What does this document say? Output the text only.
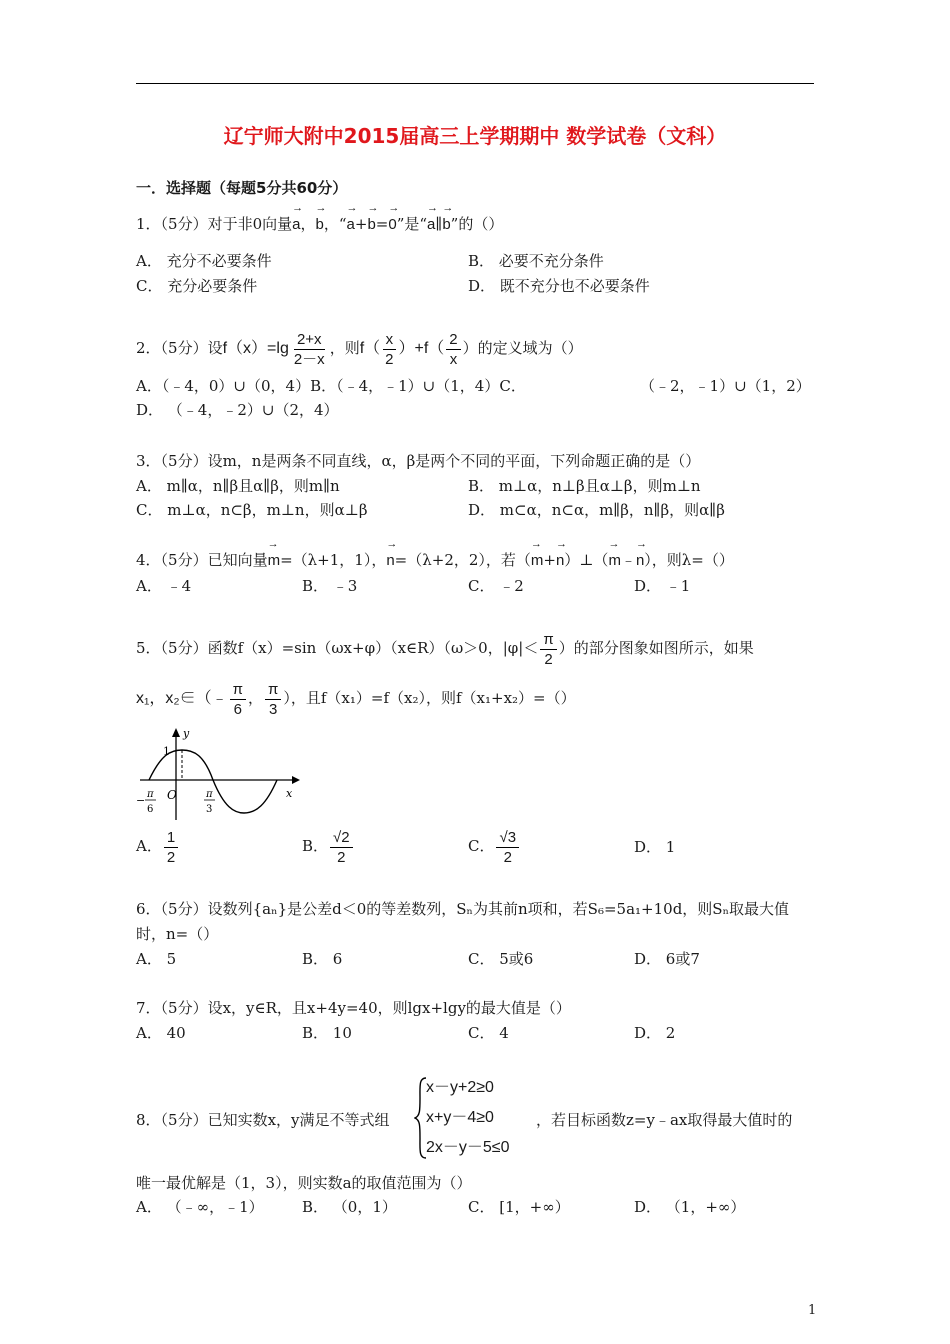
辽宁师大附中2015届高三上学期期中 数学试卷（文科）
一．选择题（每题5分共60分）
1．（5分）对于非0向量→ a，→ b，“→ a+→ b=→ 0”是“→ a∥→ b”的（）
A． 充分不必要条件	B． 必要不充分条件
C． 充分必要条件	D． 既不充分也不必要条件
2．（5分）设$f(x)=\lg \frac{2+x}{2-x}$ ，则$f( \frac{x}{2} )+f( \frac{2}{x}$ ）的定义域为（）
A．（﹣4，0）∪（0，4）B．（﹣4，﹣1）∪（1，4）C．	（﹣2，﹣1）∪（1，2）
D． （﹣4，﹣2）∪（2，4）
3．（5分）设m，n是两条不同直线，α，β是两个不同的平面，下列命题正确的是（）
A． m∥α，n∥β且α∥β，则m∥n	B． m⊥α，n⊥β且α⊥β，则m⊥n
C． m⊥α，n⊂β，m⊥n，则α⊥β	D． m⊂α，n⊂α，m∥β，n∥β，则α∥β
4．（5分）已知向量→ m=（λ+1，1），→ n=（λ+2，2），若（→ m+→ n）⊥（→ m﹣→ n），则λ=（）
A． ﹣4	B． ﹣3	C． ﹣2	D． ﹣1
5．（5分）函数f（x）=sin（ωx+φ）（x∈R）（ω＞0，$|\varphi|< \frac{\pi}{2}$ ）的部分图象如图所示，如果
x₁，x₂∈（﹣ $\frac{\pi}{6}$ ， $\frac{\pi}{3}$ ），且f（x₁）=f（x₂），则f（x₁+x₂）=（）
y
x
1
O
− π
6
π
3
A． $\frac{1}{2}$	B． $\frac{√2}{2}$	C． $\frac{√3}{2}$	D． 1
6．（5分）设数列{aₙ}是公差d＜0的等差数列，Sₙ为其前n项和，若S₆=5a₁+10d，则Sₙ取最大值
时，n=（）
A． 5	B． 6	C． 5或6	D． 6或7
7．（5分）设x，y∈R，且x+4y=40，则lgx+lgy的最大值是（）
A． 40	B． 10	C． 4	D． 2
8．（5分）已知实数x，y满足不等式组
x－y+2≥0
x+y－4≥0
2x－y－5≤0
，若目标函数z=y﹣ax取得最大值时的
唯一最优解是（1，3），则实数a的取值范围为（）
A． （﹣∞，﹣1）	B． （0，1）	C． [1，+∞）	D． （1，+∞）
1
